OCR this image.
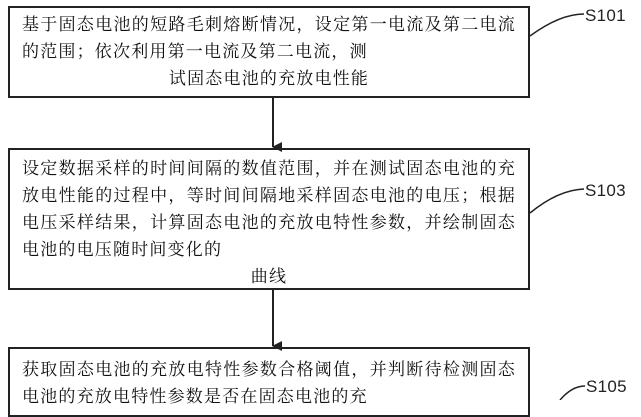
基于固态电池的短路毛刺熔断情况，设定第一电流及第二电流的范围；依次利用第一电流及第二电流，测
试固态电池的充放电性能

设定数据采样的时间间隔的数值范围，并在测试固态电池的充放电性能的过程中，等时间间隔地采样固态电池的电压；根据电压采样结果，计算固态电池的充放电特性参数，并绘制固态电池的电压随时间变化的
曲线

获取固态电池的充放电特性参数合格阈值，并判断待检测固态电池的充放电特性参数是否在固态电池的充

S101
S103
S105
